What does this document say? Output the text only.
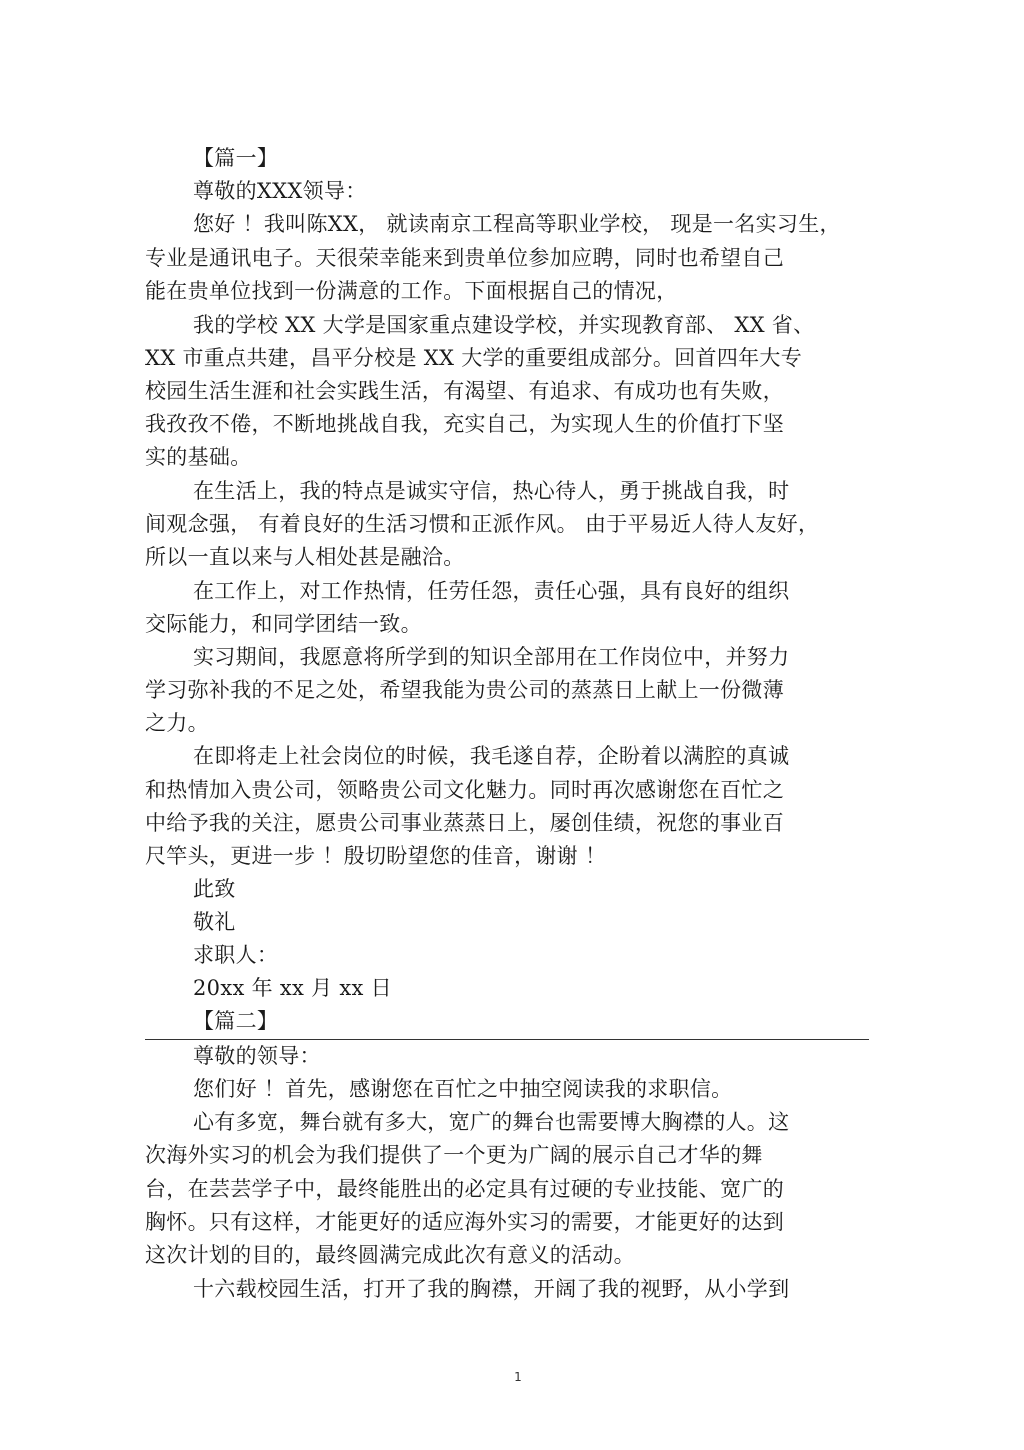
【篇一】
尊敬的XXX领导：
您好 ！我叫陈XX， 就读南京工程高等职业学校， 现是一名实习生，
专业是通讯电子。天很荣幸能来到贵单位参加应聘，同时也希望自己
能在贵单位找到一份满意的工作。下面根据自己的情况，
我的学校 XX 大学是国家重点建设学校，并实现教育部、 XX 省、
XX 市重点共建，昌平分校是 XX 大学的重要组成部分。回首四年大专
校园生活生涯和社会实践生活，有渴望、有追求、有成功也有失败，
我孜孜不倦，不断地挑战自我，充实自己，为实现人生的价值打下坚
实的基础。
在生活上，我的特点是诚实守信，热心待人，勇于挑战自我，时
间观念强， 有着良好的生活习惯和正派作风。 由于平易近人待人友好，
所以一直以来与人相处甚是融洽。
在工作上，对工作热情，任劳任怨，责任心强，具有良好的组织
交际能力，和同学团结一致。
实习期间，我愿意将所学到的知识全部用在工作岗位中，并努力
学习弥补我的不足之处，希望我能为贵公司的蒸蒸日上献上一份微薄
之力。
在即将走上社会岗位的时候，我毛遂自荐，企盼着以满腔的真诚
和热情加入贵公司，领略贵公司文化魅力。同时再次感谢您在百忙之
中给予我的关注，愿贵公司事业蒸蒸日上，屡创佳绩，祝您的事业百
尺竿头，更进一步 ！殷切盼望您的佳音，谢谢 ！
此致
敬礼
求职人：
20xx 年 xx 月 xx 日
【篇二】
尊敬的领导：
您们好 ！首先，感谢您在百忙之中抽空阅读我的求职信。
心有多宽，舞台就有多大，宽广的舞台也需要博大胸襟的人。这
次海外实习的机会为我们提供了一个更为广阔的展示自己才华的舞
台，在芸芸学子中，最终能胜出的必定具有过硬的专业技能、宽广的
胸怀。只有这样，才能更好的适应海外实习的需要，才能更好的达到
这次计划的目的，最终圆满完成此次有意义的活动。
十六载校园生活，打开了我的胸襟，开阔了我的视野，从小学到
1
